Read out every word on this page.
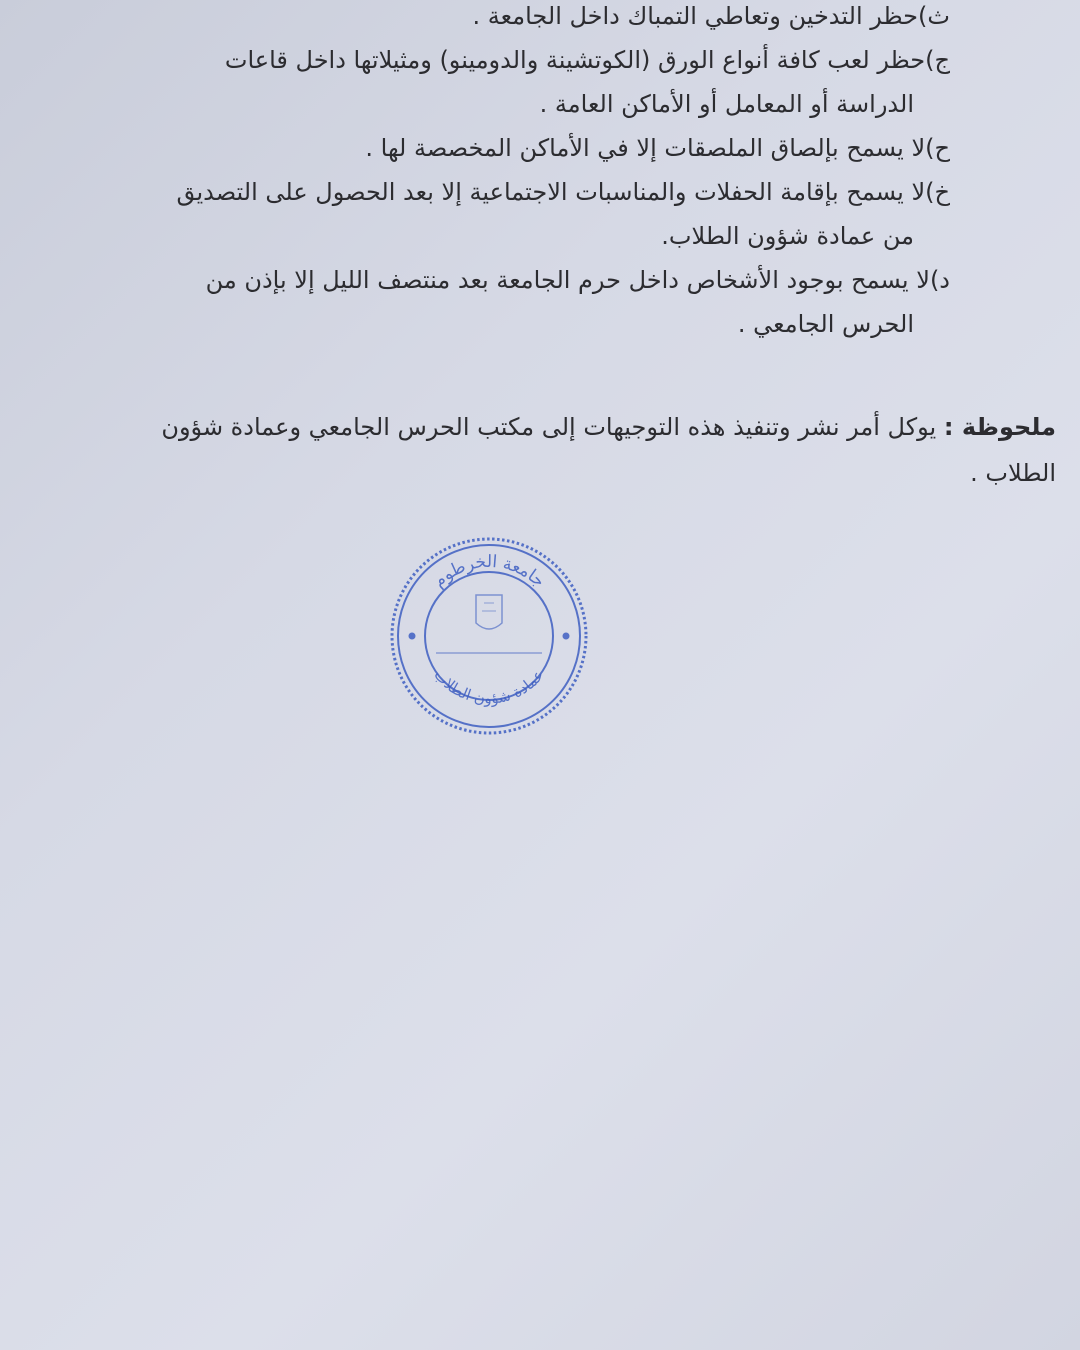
ث)حظر التدخين وتعاطي التمباك داخل الجامعة .
ج)حظر لعب كافة أنواع الورق (الكوتشينة والدومينو) ومثيلاتها داخل قاعات
الدراسة أو المعامل أو الأماكن العامة .
ح)لا يسمح بإلصاق الملصقات إلا في الأماكن المخصصة لها .
خ)لا يسمح بإقامة الحفلات والمناسبات الاجتماعية إلا بعد الحصول على التصديق
من عمادة شؤون الطلاب.
د)لا يسمح بوجود الأشخاص داخل حرم الجامعة بعد منتصف الليل إلا بإذن من
الحرس الجامعي .
ملحوظة : يوكل أمر نشر وتنفيذ هذه التوجيهات إلى مكتب الحرس الجامعي وعمادة شؤون
الطلاب .
جامعة الخرطوم
عمادة شؤون الطلاب
